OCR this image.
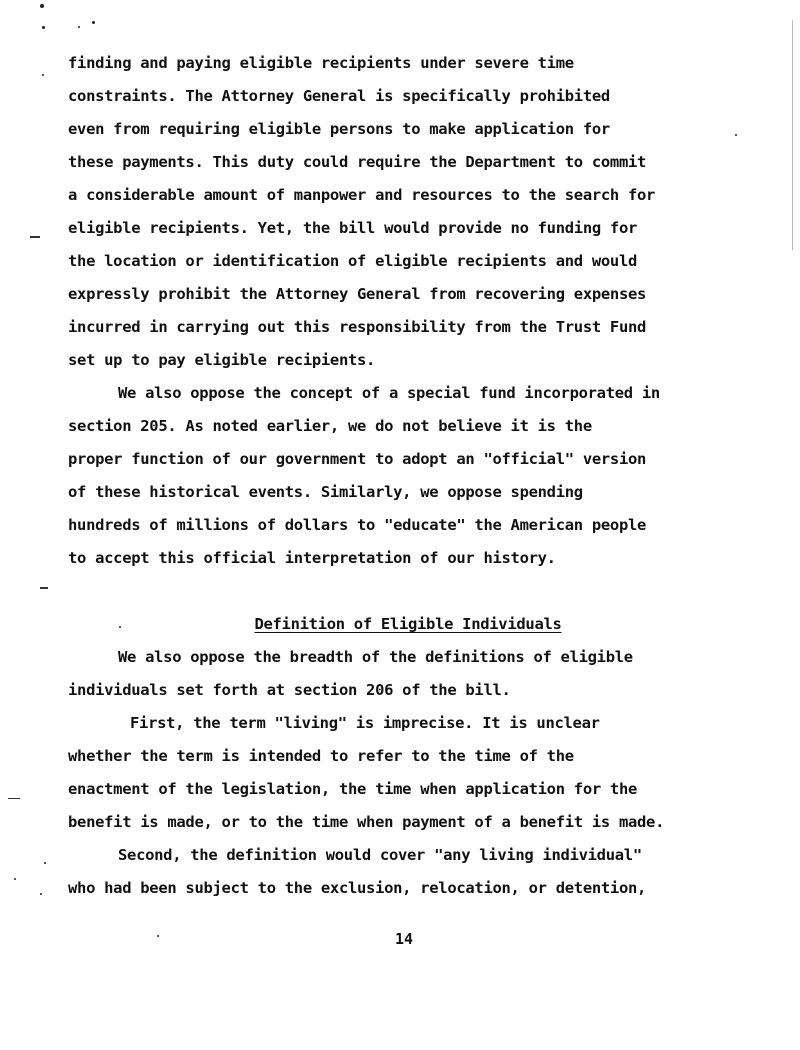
finding and paying eligible recipients under severe time
constraints. The Attorney General is specifically prohibited
even from requiring eligible persons to make application for
these payments. This duty could require the Department to commit
a considerable amount of manpower and resources to the search for
eligible recipients. Yet, the bill would provide no funding for
the location or identification of eligible recipients and would
expressly prohibit the Attorney General from recovering expenses
incurred in carrying out this responsibility from the Trust Fund
set up to pay eligible recipients.
We also oppose the concept of a special fund incorporated in
section 205. As noted earlier, we do not believe it is the
proper function of our government to adopt an "official" version
of these historical events. Similarly, we oppose spending
hundreds of millions of dollars to "educate" the American people
to accept this official interpretation of our history.
Definition of Eligible Individuals
We also oppose the breadth of the definitions of eligible
individuals set forth at section 206 of the bill.
First, the term "living" is imprecise. It is unclear
whether the term is intended to refer to the time of the
enactment of the legislation, the time when application for the
benefit is made, or to the time when payment of a benefit is made.
Second, the definition would cover "any living individual"
who had been subject to the exclusion, relocation, or detention,
14
